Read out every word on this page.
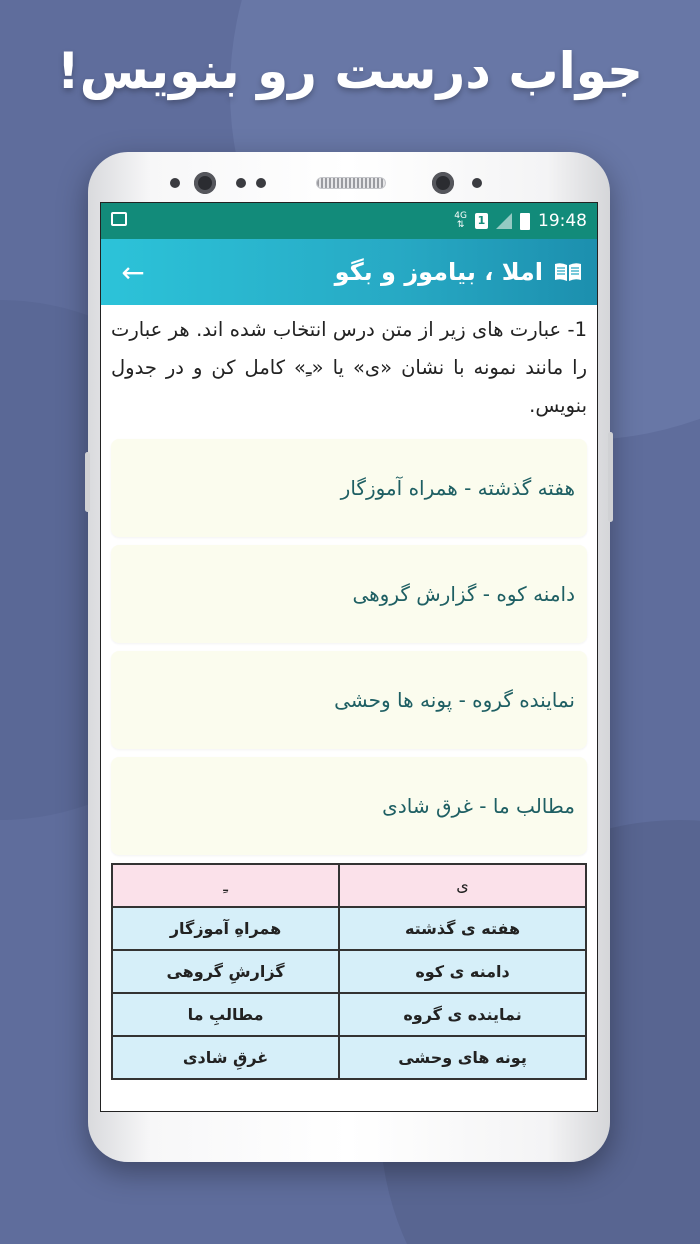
جواب درست رو بنویس!
4G
⇅ 1	19:48
املا ، بیاموز و بگو
←

1- عبارت های زیر از متن درس انتخاب شده اند. هر عبارت را مانند نمونه با نشان «ی» یا «ـِ» کامل کن و در جدول بنویس.

هفته گذشته - همراه آموزگار
دامنه کوه - گزارش گروهی
نماینده گروه - پونه ها وحشی
مطالب ما - غرق شادی
ی	ـِ
هفته ی گذشته	همراهِ آموزگار
دامنه ی کوه	گزارشِ گروهی
نماینده ی گروه	مطالبِ ما
پونه های وحشی	غرقِ شادی
